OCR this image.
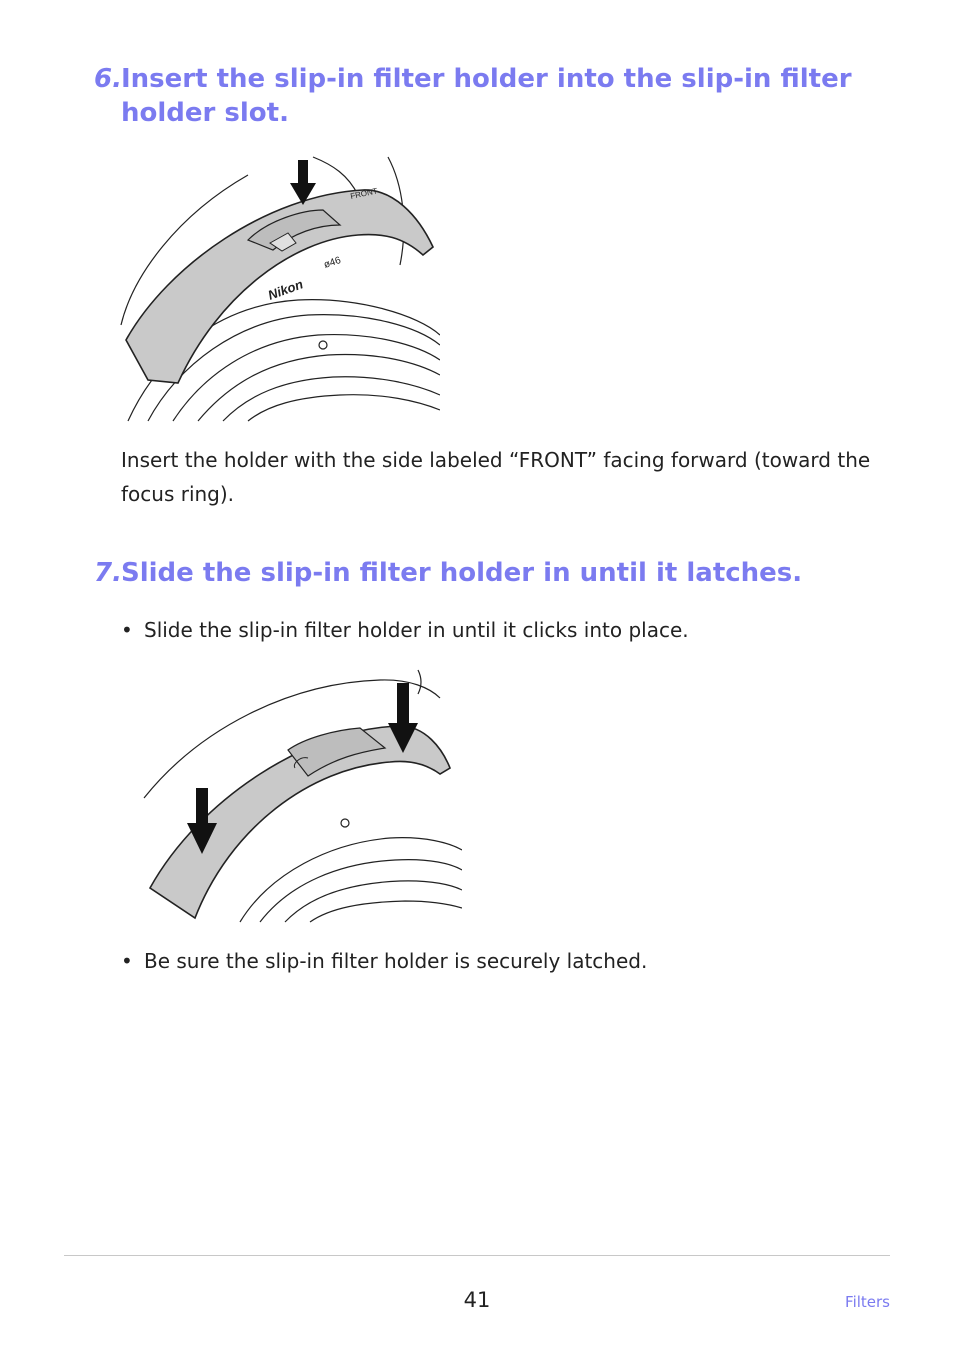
6. Insert the slip-in filter holder into the slip-in filter holder slot.
Nikon
ø46
FRONT
Insert the holder with the side labeled “FRONT” facing forward (toward the focus ring).
7. Slide the slip-in filter holder in until it latches.
• Slide the slip-in filter holder in until it clicks into place.
• Be sure the slip-in filter holder is securely latched.
41	Filters
